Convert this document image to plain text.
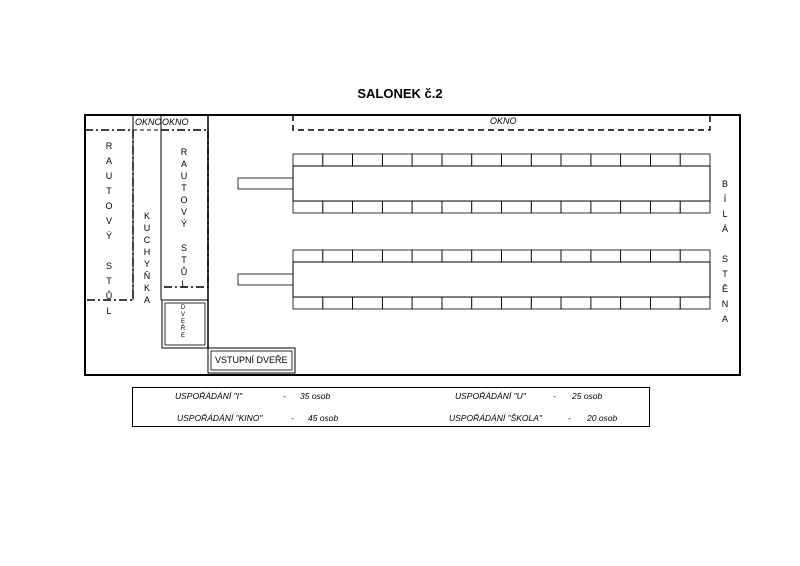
SALONEK č.2
OKNO OKNO	OKNO
R
A
U
T
O
V
Ý

S
T
Ů
L
K
U
C
H
Y
Ň
K
A
R
A
U
T
O
V
Ý

S
T
Ů
L
D
V
E
Ř
E
B
Í
L
Á

S
T
Ě
N
A
VSTUPNÍ DVEŘE
USPOŘÁDÁNÍ "I"	- 35 osob	USPOŘÁDÁNÍ "U"	- 25 osob
USPOŘÁDÁNÍ "KINO"	- 45 osob	USPOŘÁDÁNÍ "ŠKOLA"	- 20 osob
